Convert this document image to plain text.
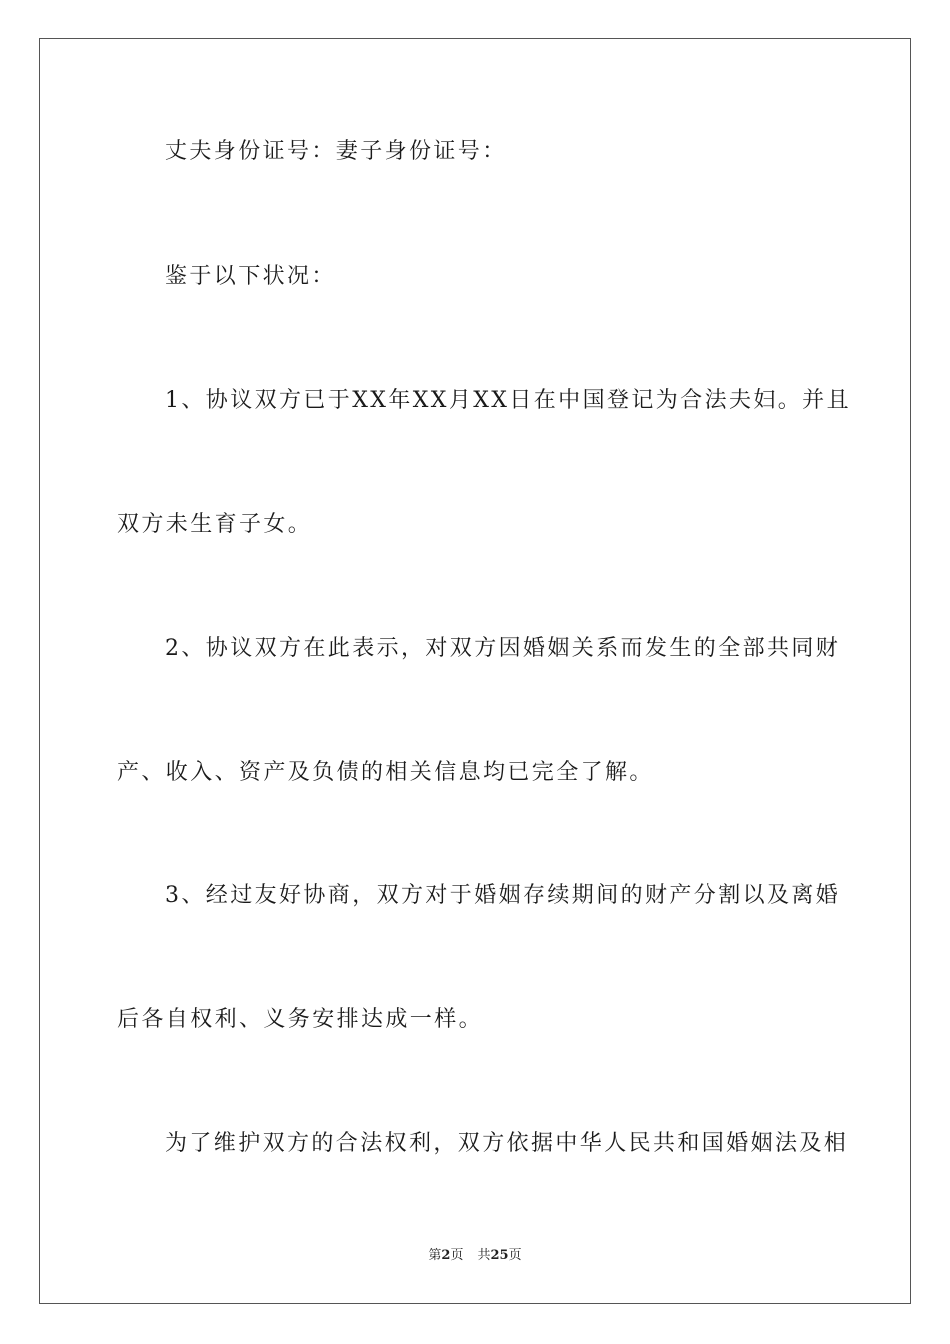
丈夫身份证号：妻子身份证号：
鉴于以下状况：
1、协议双方已于XX年XX月XX日在中国登记为合法夫妇。并且
双方未生育子女。
2、协议双方在此表示，对双方因婚姻关系而发生的全部共同财
产、收入、资产及负债的相关信息均已完全了解。
3、经过友好协商，双方对于婚姻存续期间的财产分割以及离婚
后各自权利、义务安排达成一样。
为了维护双方的合法权利，双方依据中华人民共和国婚姻法及相
第2页 共25页
